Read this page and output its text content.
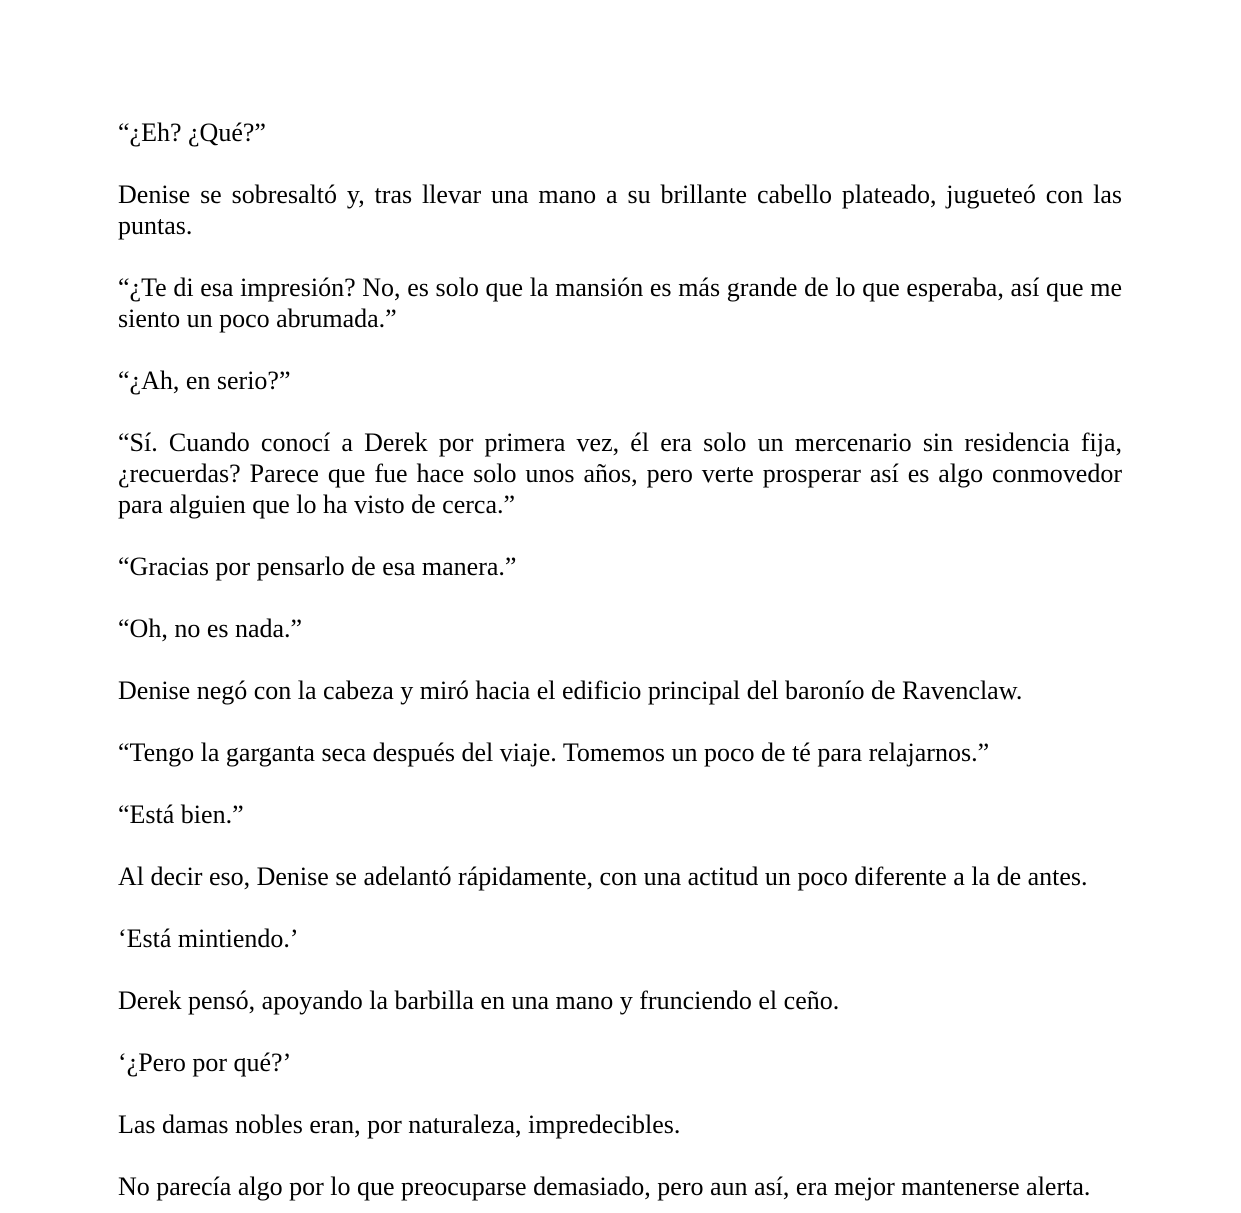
“¿Eh? ¿Qué?”

Denise se sobresaltó y, tras llevar una mano a su brillante cabello plateado, jugueteó con las puntas.

“¿Te di esa impresión? No, es solo que la mansión es más grande de lo que esperaba, así que me siento un poco abrumada.”

“¿Ah, en serio?”

“Sí. Cuando conocí a Derek por primera vez, él era solo un mercenario sin residencia fija, ¿recuerdas? Parece que fue hace solo unos años, pero verte prosperar así es algo conmovedor para alguien que lo ha visto de cerca.”

“Gracias por pensarlo de esa manera.”

“Oh, no es nada.”

Denise negó con la cabeza y miró hacia el edificio principal del baronío de Ravenclaw.

“Tengo la garganta seca después del viaje. Tomemos un poco de té para relajarnos.”

“Está bien.”

Al decir eso, Denise se adelantó rápidamente, con una actitud un poco diferente a la de antes.

‘Está mintiendo.’

Derek pensó, apoyando la barbilla en una mano y frunciendo el ceño.

‘¿Pero por qué?’

Las damas nobles eran, por naturaleza, impredecibles.

No parecía algo por lo que preocuparse demasiado, pero aun así, era mejor mantenerse alerta.
